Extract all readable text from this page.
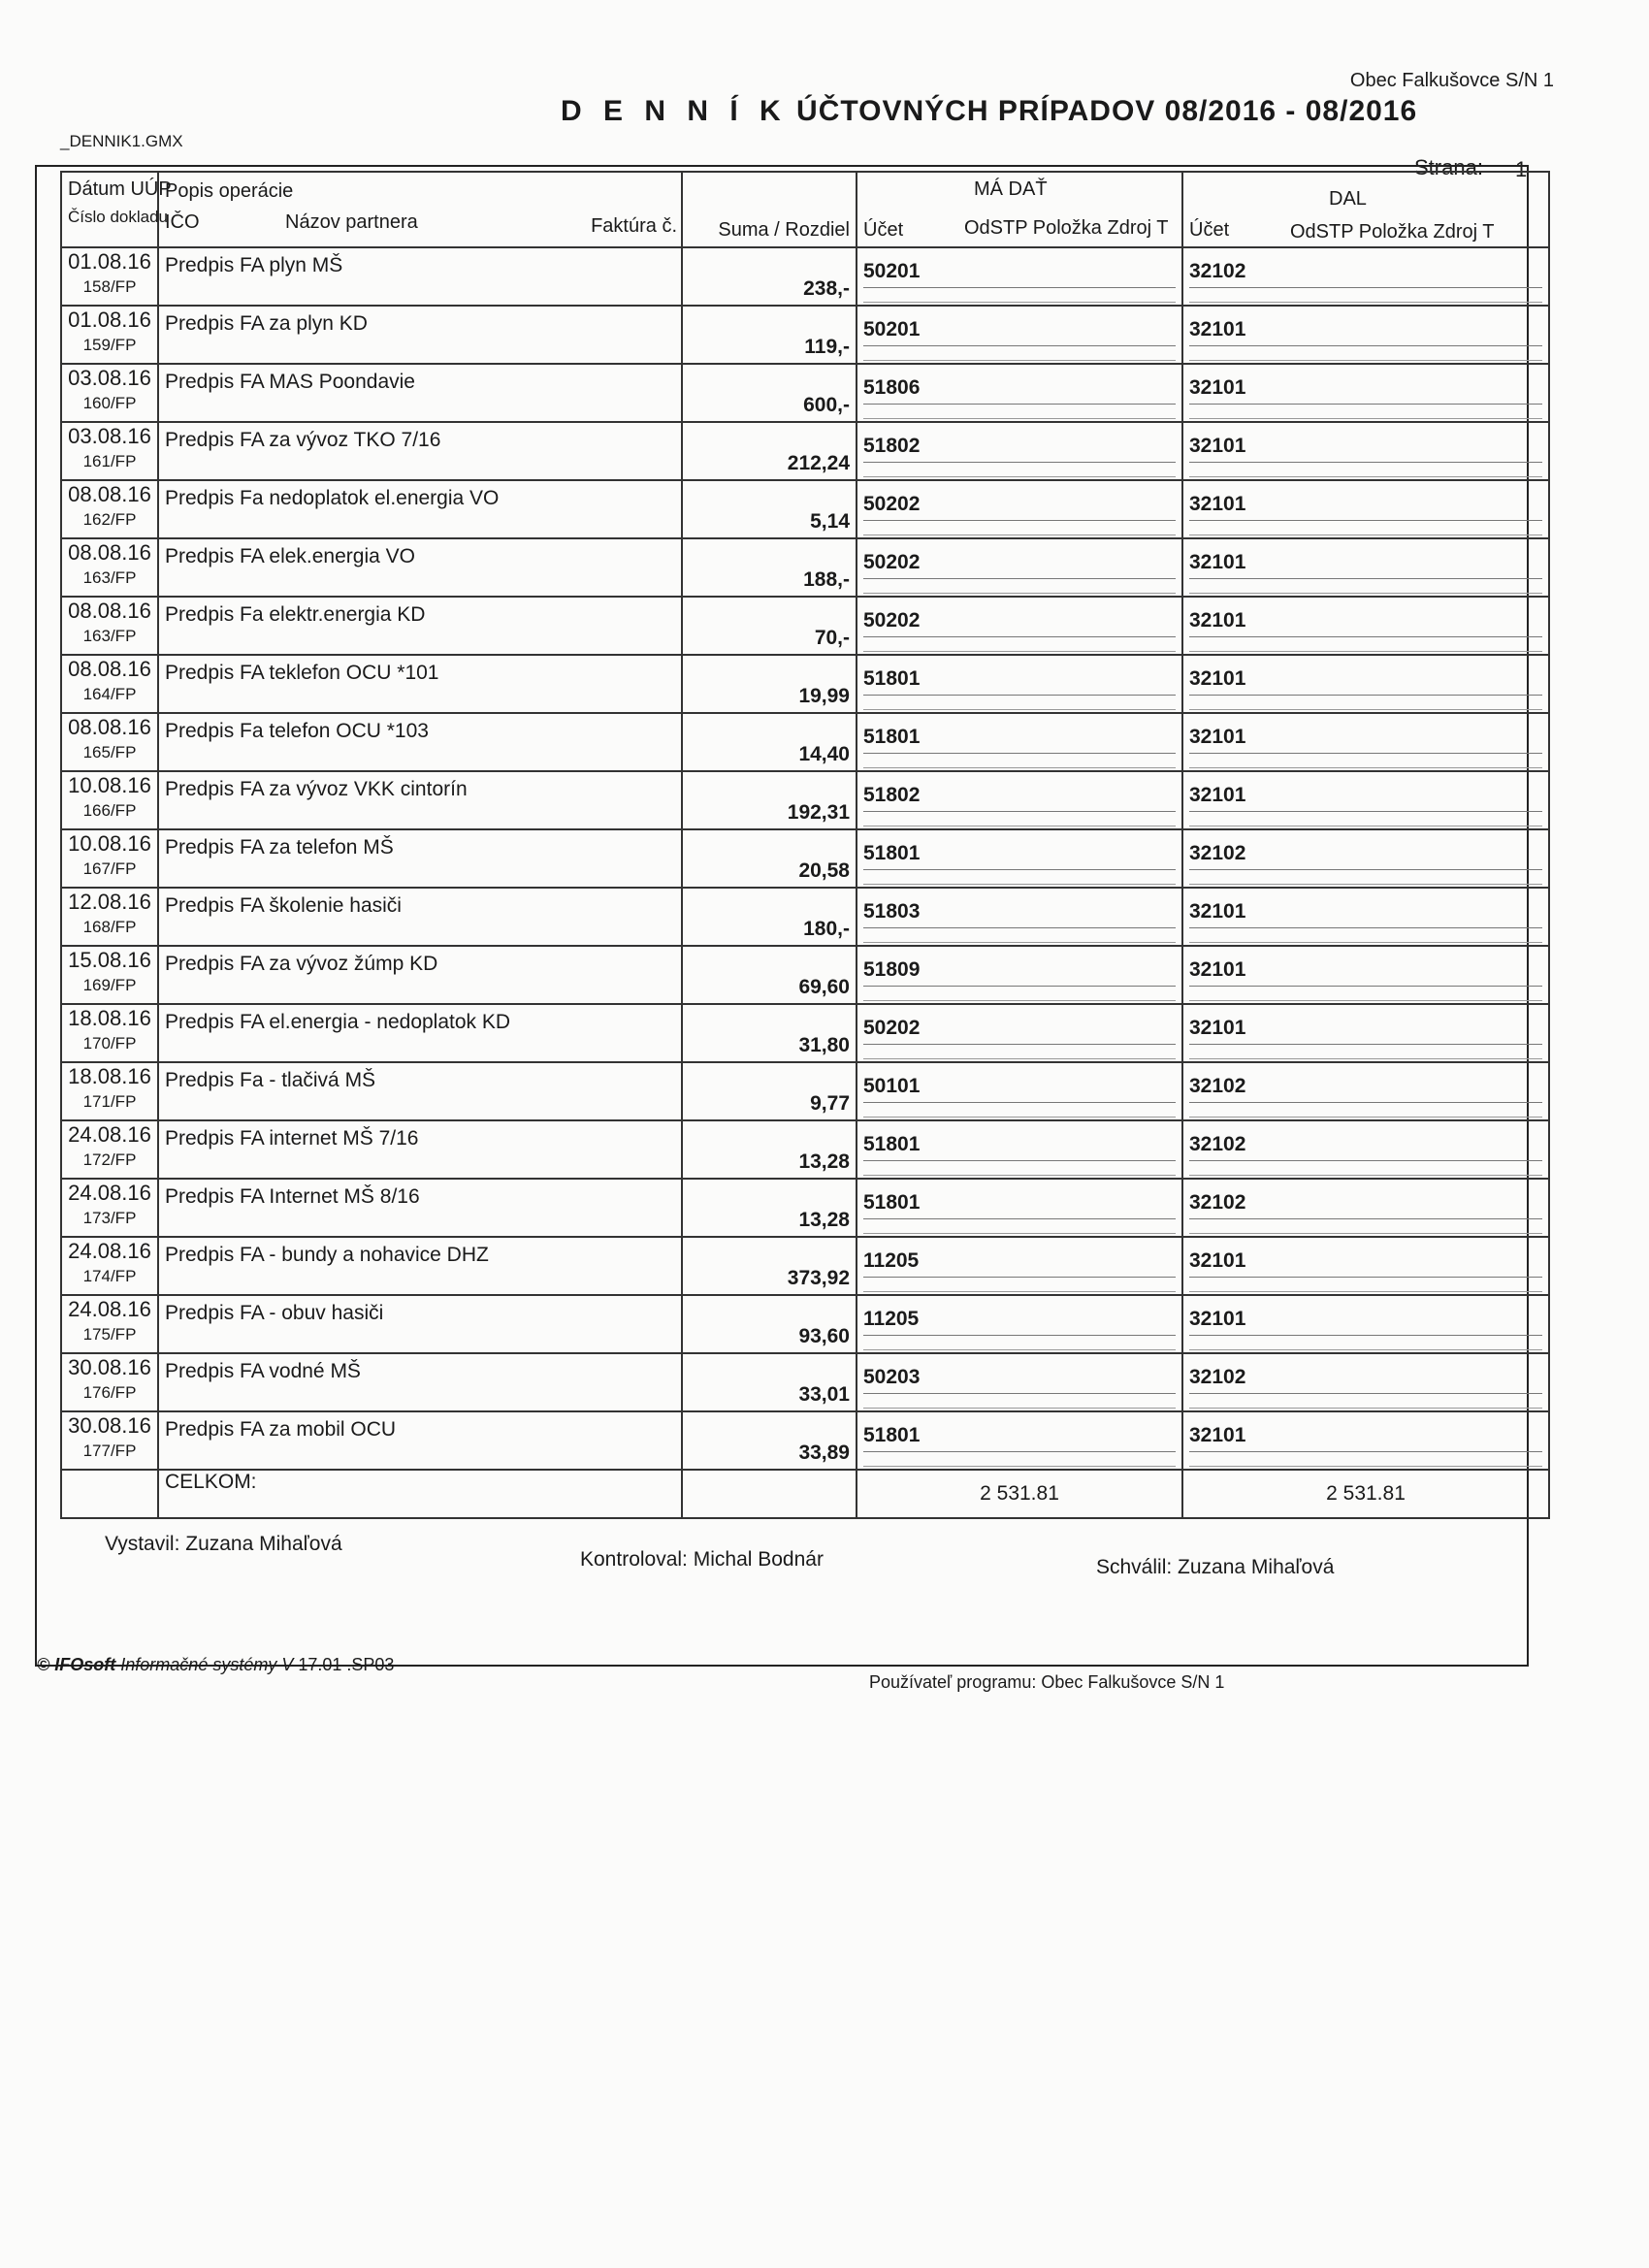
Obec Falkušovce S/N 1
D E N N Í K ÚČTOVNÝCH PRÍPADOV 08/2016 - 08/2016
_DENNIK1.GMX
Strana: 1
Dátum UÚP
Číslo dokladu	Popis operácie
IČO Názov partnera Faktúra č.	Suma / Rozdiel	MÁ DAŤ
Účet OdSTP Položka Zdroj T	DAL
Účet OdSTP Položka Zdroj T

01.08.16
158/FP	Predpis FA plyn MŠ	238,-	50201	32102

01.08.16
159/FP	Predpis FA za plyn KD	119,-	50201	32101

03.08.16
160/FP	Predpis FA MAS Poondavie	600,-	51806	32101

03.08.16
161/FP	Predpis FA za vývoz TKO 7/16	212,24	51802	32101

08.08.16
162/FP	Predpis Fa nedoplatok el.energia VO	5,14	50202	32101

08.08.16
163/FP	Predpis FA elek.energia VO	188,-	50202	32101

08.08.16
163/FP	Predpis Fa elektr.energia KD	70,-	50202	32101

08.08.16
164/FP	Predpis FA teklefon OCU *101	19,99	51801	32101

08.08.16
165/FP	Predpis Fa telefon OCU *103	14,40	51801	32101

10.08.16
166/FP	Predpis FA za vývoz VKK cintorín	192,31	51802	32101

10.08.16
167/FP	Predpis FA za telefon MŠ	20,58	51801	32102

12.08.16
168/FP	Predpis FA školenie hasiči	180,-	51803	32101

15.08.16
169/FP	Predpis FA za vývoz žúmp KD	69,60	51809	32101

18.08.16
170/FP	Predpis FA el.energia - nedoplatok KD	31,80	50202	32101

18.08.16
171/FP	Predpis Fa - tlačivá MŠ	9,77	50101	32102

24.08.16
172/FP	Predpis FA internet MŠ 7/16	13,28	51801	32102

24.08.16
173/FP	Predpis FA Internet MŠ 8/16	13,28	51801	32102

24.08.16
174/FP	Predpis FA - bundy a nohavice DHZ	373,92	11205	32101

24.08.16
175/FP	Predpis FA - obuv hasiči	93,60	11205	32101

30.08.16
176/FP	Predpis FA vodné MŠ	33,01	50203	32102

30.08.16
177/FP	Predpis FA za mobil OCU	33,89	51801	32101

	CELKOM:		2 531.81	2 531.81
Vystavil: Zuzana Mihaľová
Kontroloval: Michal Bodnár	Schválil: Zuzana Mihaľová
© IFOsoft Informačné systémy V 17.01 .SP03
Používateľ programu: Obec Falkušovce S/N 1
